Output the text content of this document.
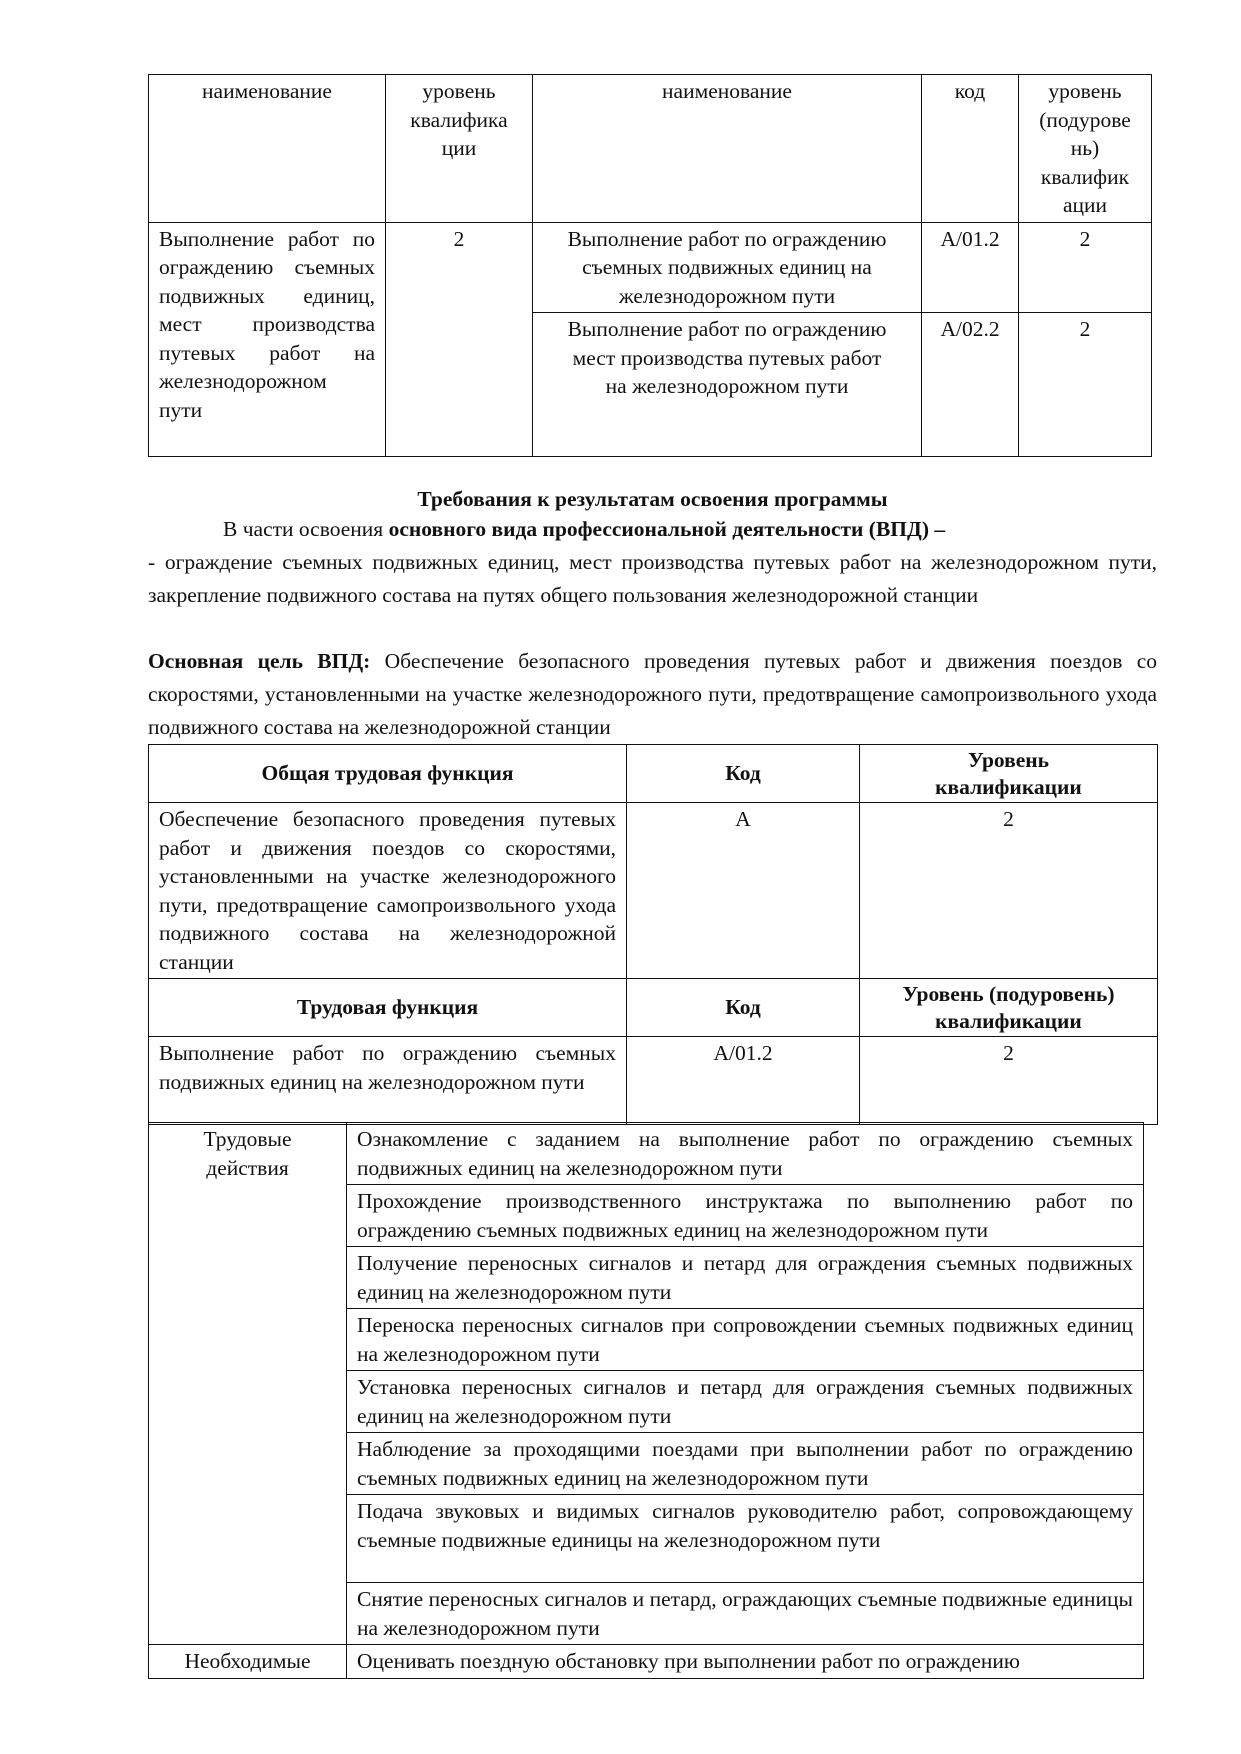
наименование	уровень квалифика ции	наименование	код	уровень (подурове нь) квалифик ации
Выполнение работ по ограждению съемных подвижных единиц, мест производства путевых работ на железнодорожном пути	2	Выполнение работ по ограждению съемных подвижных единиц на железнодорожном пути	A/01.2	2
		Выполнение работ по ограждению мест производства путевых работ на железнодорожном пути	A/02.2	2

Требования к результатам освоения программы

В части освоения основного вида профессиональной деятельности (ВПД) –

- ограждение съемных подвижных единиц, мест производства путевых работ на железнодорожном пути, закрепление подвижного состава на путях общего пользования железнодорожной станции

Основная цель ВПД: Обеспечение безопасного проведения путевых работ и движения поездов со скоростями, установленными на участке железнодорожного пути, предотвращение самопроизвольного ухода подвижного состава на железнодорожной станции

Общая трудовая функция	Код	Уровень квалификации
Обеспечение безопасного проведения путевых работ и движения поездов со скоростями, установленными на участке железнодорожного пути, предотвращение самопроизвольного ухода подвижного состава на железнодорожной станции	A	2
Трудовая функция	Код	Уровень (подуровень) квалификации
Выполнение работ по ограждению съемных подвижных единиц на железнодорожном пути	A/01.2	2
Трудовые действия	Ознакомление с заданием на выполнение работ по ограждению съемных подвижных единиц на железнодорожном пути
	Прохождение производственного инструктажа по выполнению работ по ограждению съемных подвижных единиц на железнодорожном пути
	Получение переносных сигналов и петард для ограждения съемных подвижных единиц на железнодорожном пути
	Переноска переносных сигналов при сопровождении съемных подвижных единиц на железнодорожном пути
	Установка переносных сигналов и петард для ограждения съемных подвижных единиц на железнодорожном пути
	Наблюдение за проходящими поездами при выполнении работ по ограждению съемных подвижных единиц на железнодорожном пути
	Подача звуковых и видимых сигналов руководителю работ, сопровождающему съемные подвижные единицы на железнодорожном пути
	Снятие переносных сигналов и петард, ограждающих съемные подвижные единицы на железнодорожном пути
Необходимые	Оценивать поездную обстановку при выполнении работ по ограждению
